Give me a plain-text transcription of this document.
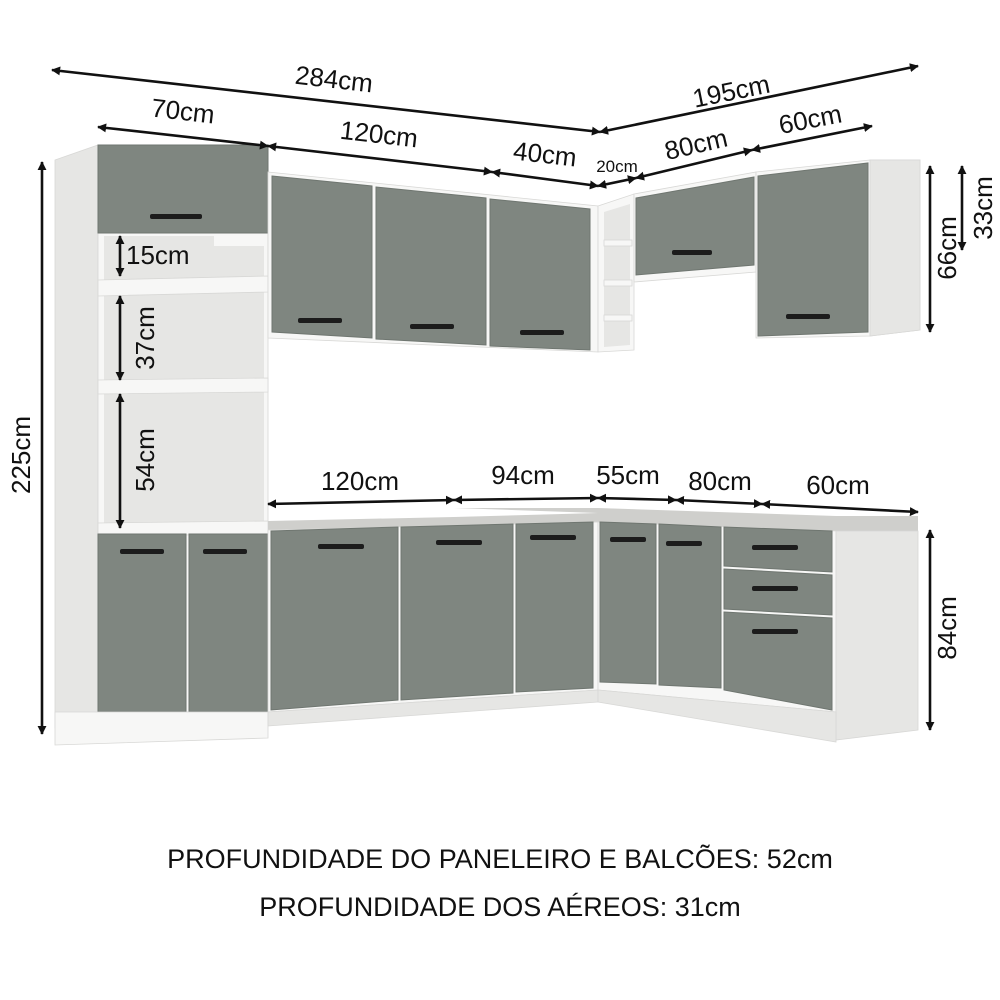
284cm	195cm
70cm
120cm
40cm 20cm
80cm
60cm
15cm
37cm
54cm
225cm
66cm
33cm
120cm	94cm 55cm 80cm 60cm
84cm
PROFUNDIDADE DO PANELEIRO E BALCÕES: 52cm
PROFUNDIDADE DOS AÉREOS: 31cm
